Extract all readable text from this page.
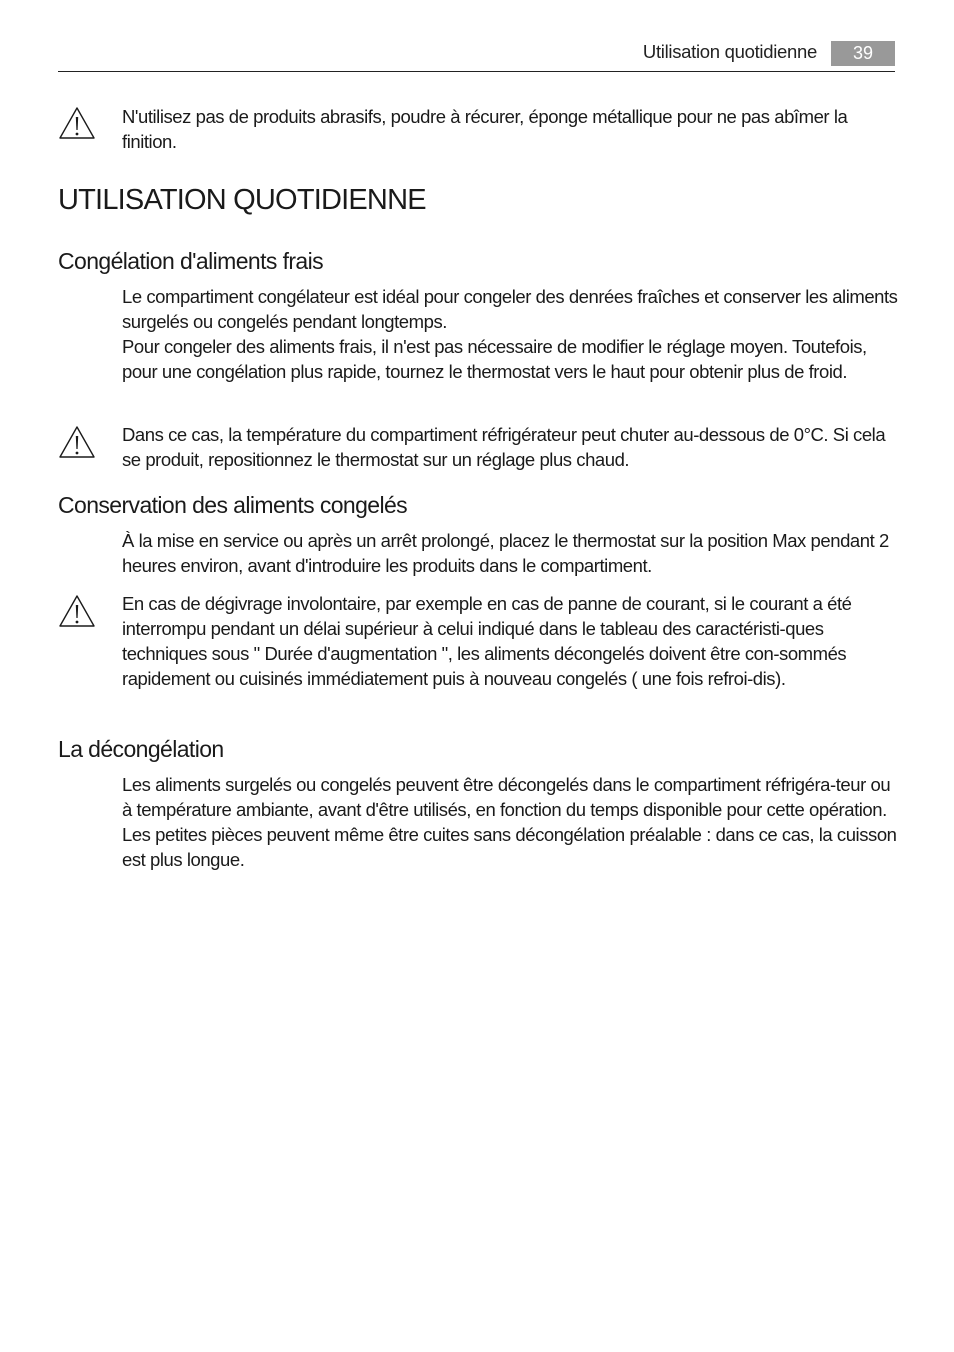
Utilisation quotidienne	39

N'utilisez pas de produits abrasifs, poudre à récurer, éponge métallique pour ne pas abîmer la finition.

UTILISATION QUOTIDIENNE
Congélation d'aliments frais

Le compartiment congélateur est idéal pour congeler des denrées fraîches et conserver les aliments surgelés ou congelés pendant longtemps.

Pour congeler des aliments frais, il n'est pas nécessaire de modifier le réglage moyen. Toutefois, pour une congélation plus rapide, tournez le thermostat vers le haut pour obtenir plus de froid.

Dans ce cas, la température du compartiment réfrigérateur peut chuter au-dessous de 0°C. Si cela se produit, repositionnez le thermostat sur un réglage plus chaud.

Conservation des aliments congelés

À la mise en service ou après un arrêt prolongé, placez le thermostat sur la position Max pendant 2 heures environ, avant d'introduire les produits dans le compartiment.

En cas de dégivrage involontaire, par exemple en cas de panne de courant, si le courant a été interrompu pendant un délai supérieur à celui indiqué dans le tableau des caractéristi-ques techniques sous " Durée d'augmentation ", les aliments décongelés doivent être con-sommés rapidement ou cuisinés immédiatement puis à nouveau congelés ( une fois refroi-dis).

La décongélation

Les aliments surgelés ou congelés peuvent être décongelés dans le compartiment réfrigéra-teur ou à température ambiante, avant d'être utilisés, en fonction du temps disponible pour cette opération.

Les petites pièces peuvent même être cuites sans décongélation préalable : dans ce cas, la cuisson est plus longue.
